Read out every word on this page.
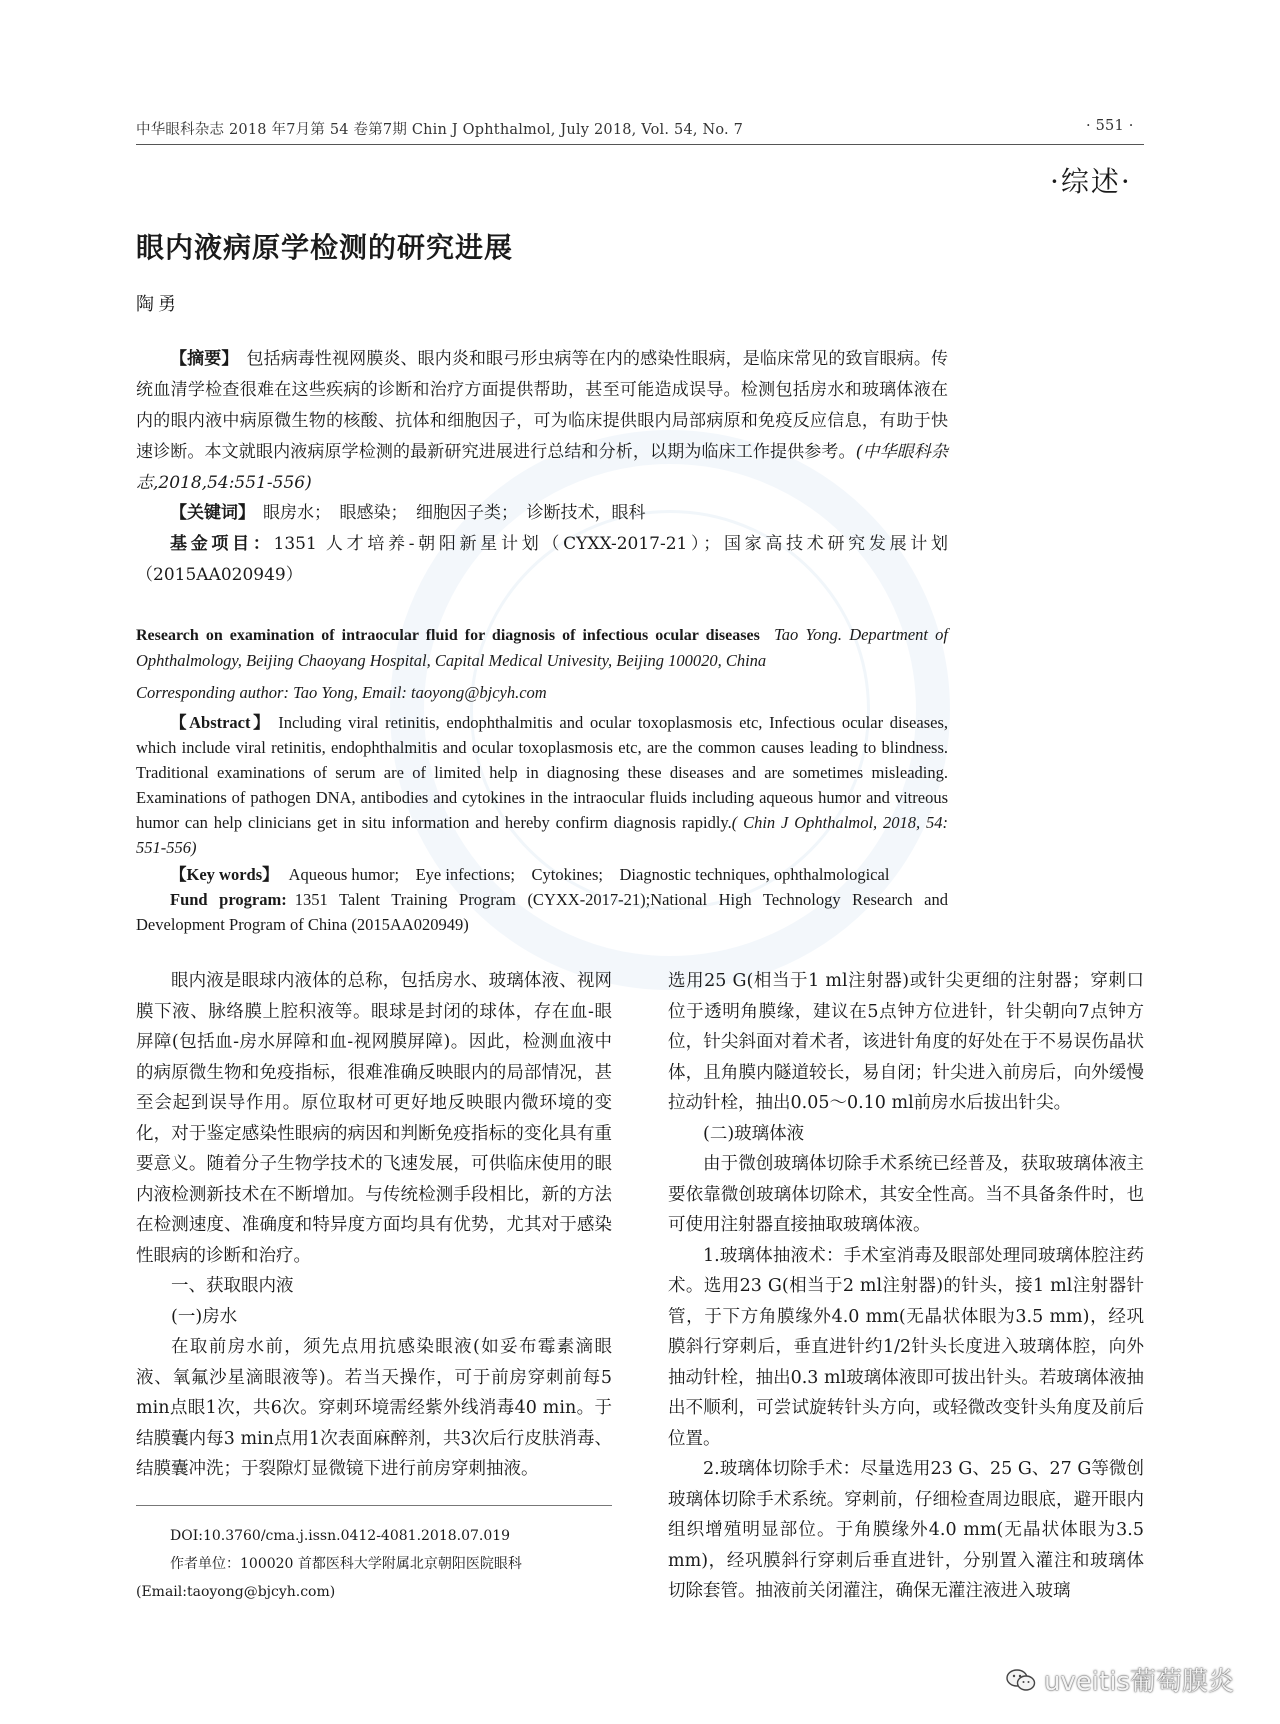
中华眼科杂志 2018 年7月第 54 卷第7期 Chin J Ophthalmol, July 2018, Vol. 54, No. 7	· 551 ·
·综述·
眼内液病原学检测的研究进展
陶勇
【摘要】 包括病毒性视网膜炎、眼内炎和眼弓形虫病等在内的感染性眼病，是临床常见的致盲眼病。传统血清学检查很难在这些疾病的诊断和治疗方面提供帮助，甚至可能造成误导。检测包括房水和玻璃体液在内的眼内液中病原微生物的核酸、抗体和细胞因子，可为临床提供眼内局部病原和免疫反应信息，有助于快速诊断。本文就眼内液病原学检测的最新研究进展进行总结和分析，以期为临床工作提供参考。(中华眼科杂志,2018,54:551-556)
【关键词】 眼房水；　眼感染；　细胞因子类；　诊断技术，眼科
基金项目：1351 人才培养-朝阳新星计划（CYXX-2017-21）；国家高技术研究发展计划（2015AA020949）
Research on examination of intraocular fluid for diagnosis of infectious ocular diseases Tao Yong. Department of Ophthalmology, Beijing Chaoyang Hospital, Capital Medical Univesity, Beijing 100020, China
Corresponding author: Tao Yong, Email: taoyong@bjcyh.com
【Abstract】 Including viral retinitis, endophthalmitis and ocular toxoplasmosis etc, Infectious ocular diseases, which include viral retinitis, endophthalmitis and ocular toxoplasmosis etc, are the common causes leading to blindness. Traditional examinations of serum are of limited help in diagnosing these diseases and are sometimes misleading. Examinations of pathogen DNA, antibodies and cytokines in the intraocular fluids including aqueous humor and vitreous humor can help clinicians get in situ information and hereby confirm diagnosis rapidly.( Chin J Ophthalmol, 2018, 54: 551-556)
【Key words】 Aqueous humor;　Eye infections;　Cytokines;　Diagnostic techniques, ophthalmological
Fund program: 1351 Talent Training Program (CYXX-2017-21);National High Technology Research and Development Program of China (2015AA020949)

眼内液是眼球内液体的总称，包括房水、玻璃体液、视网膜下液、脉络膜上腔积液等。眼球是封闭的球体，存在血-眼屏障(包括血-房水屏障和血-视网膜屏障)。因此，检测血液中的病原微生物和免疫指标，很难准确反映眼内的局部情况，甚至会起到误导作用。原位取材可更好地反映眼内微环境的变化，对于鉴定感染性眼病的病因和判断免疫指标的变化具有重要意义。随着分子生物学技术的飞速发展，可供临床使用的眼内液检测新技术在不断增加。与传统检测手段相比，新的方法在检测速度、准确度和特异度方面均具有优势，尤其对于感染性眼病的诊断和治疗。

一、获取眼内液

(一)房水

在取前房水前，须先点用抗感染眼液(如妥布霉素滴眼液、氧氟沙星滴眼液等)。若当天操作，可于前房穿刺前每5 min点眼1次，共6次。穿刺环境需经紫外线消毒40 min。于结膜囊内每3 min点用1次表面麻醉剂，共3次后行皮肤消毒、结膜囊冲洗；于裂隙灯显微镜下进行前房穿刺抽液。

DOI:10.3760/cma.j.issn.0412-4081.2018.07.019
作者单位：100020 首都医科大学附属北京朝阳医院眼科
(Email:taoyong@bjcyh.com)

选用25 G(相当于1 ml注射器)或针尖更细的注射器；穿刺口位于透明角膜缘，建议在5点钟方位进针，针尖朝向7点钟方位，针尖斜面对着术者，该进针角度的好处在于不易误伤晶状体，且角膜内隧道较长，易自闭；针尖进入前房后，向外缓慢拉动针栓，抽出0.05～0.10 ml前房水后拔出针尖。

(二)玻璃体液

由于微创玻璃体切除手术系统已经普及，获取玻璃体液主要依靠微创玻璃体切除术，其安全性高。当不具备条件时，也可使用注射器直接抽取玻璃体液。

1.玻璃体抽液术：手术室消毒及眼部处理同玻璃体腔注药术。选用23 G(相当于2 ml注射器)的针头，接1 ml注射器针管，于下方角膜缘外4.0 mm(无晶状体眼为3.5 mm)，经巩膜斜行穿刺后，垂直进针约1/2针头长度进入玻璃体腔，向外抽动针栓，抽出0.3 ml玻璃体液即可拔出针头。若玻璃体液抽出不顺利，可尝试旋转针头方向，或轻微改变针头角度及前后位置。

2.玻璃体切除手术：尽量选用23 G、25 G、27 G等微创玻璃体切除手术系统。穿刺前，仔细检查周边眼底，避开眼内组织增殖明显部位。于角膜缘外4.0 mm(无晶状体眼为3.5 mm)，经巩膜斜行穿刺后垂直进针，分别置入灌注和玻璃体切除套管。抽液前关闭灌注，确保无灌注液进入玻璃

uveitis葡萄膜炎
